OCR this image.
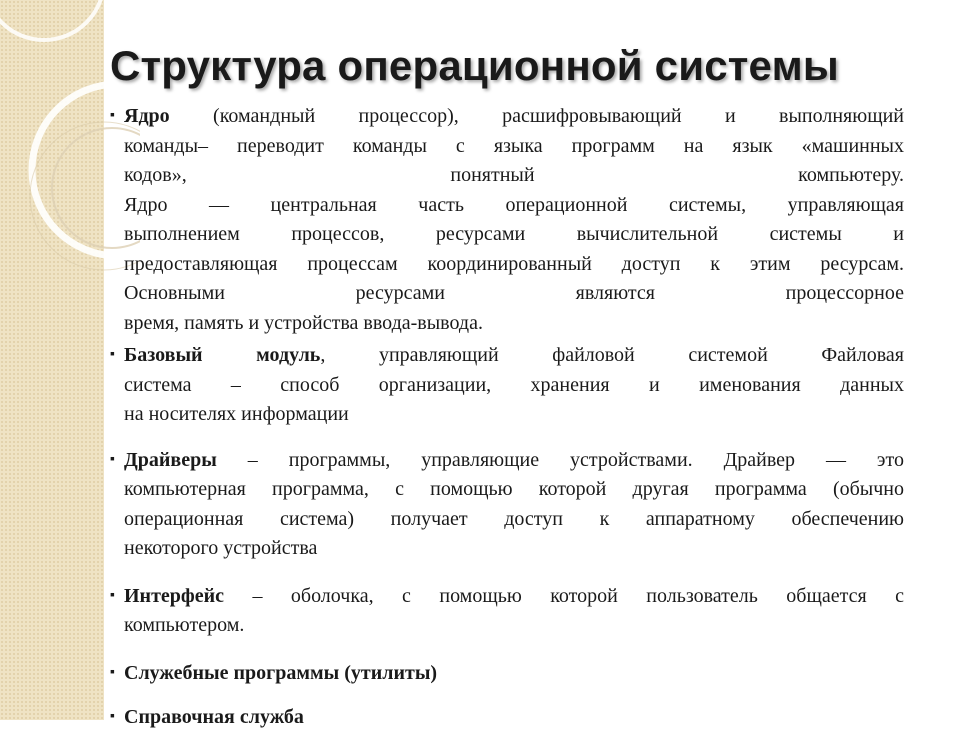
Структура операционной системы
▪ Ядро (командный процессор), расшифровывающий и выполняющий
команды– переводит команды с языка программ на язык «машинных
кодов», понятный компьютеру.
Ядро — центральная часть операционной системы, управляющая
выполнением процессов, ресурсами вычислительной системы и
предоставляющая процессам координированный доступ к этим ресурсам.
Основными ресурсами являются процессорное
время, память и устройства ввода-вывода.
▪ Базовый модуль, управляющий файловой системой Файловая
система – способ организации, хранения и именования данных
на носителях информации
▪ Драйверы – программы, управляющие устройствами. Драйвер — это
компьютерная программа, с помощью которой другая программа (обычно
операционная система) получает доступ к аппаратному обеспечению
некоторого устройства
▪ Интерфейс – оболочка, с помощью которой пользователь общается с
компьютером.
▪ Служебные программы (утилиты)
▪ Справочная служба
